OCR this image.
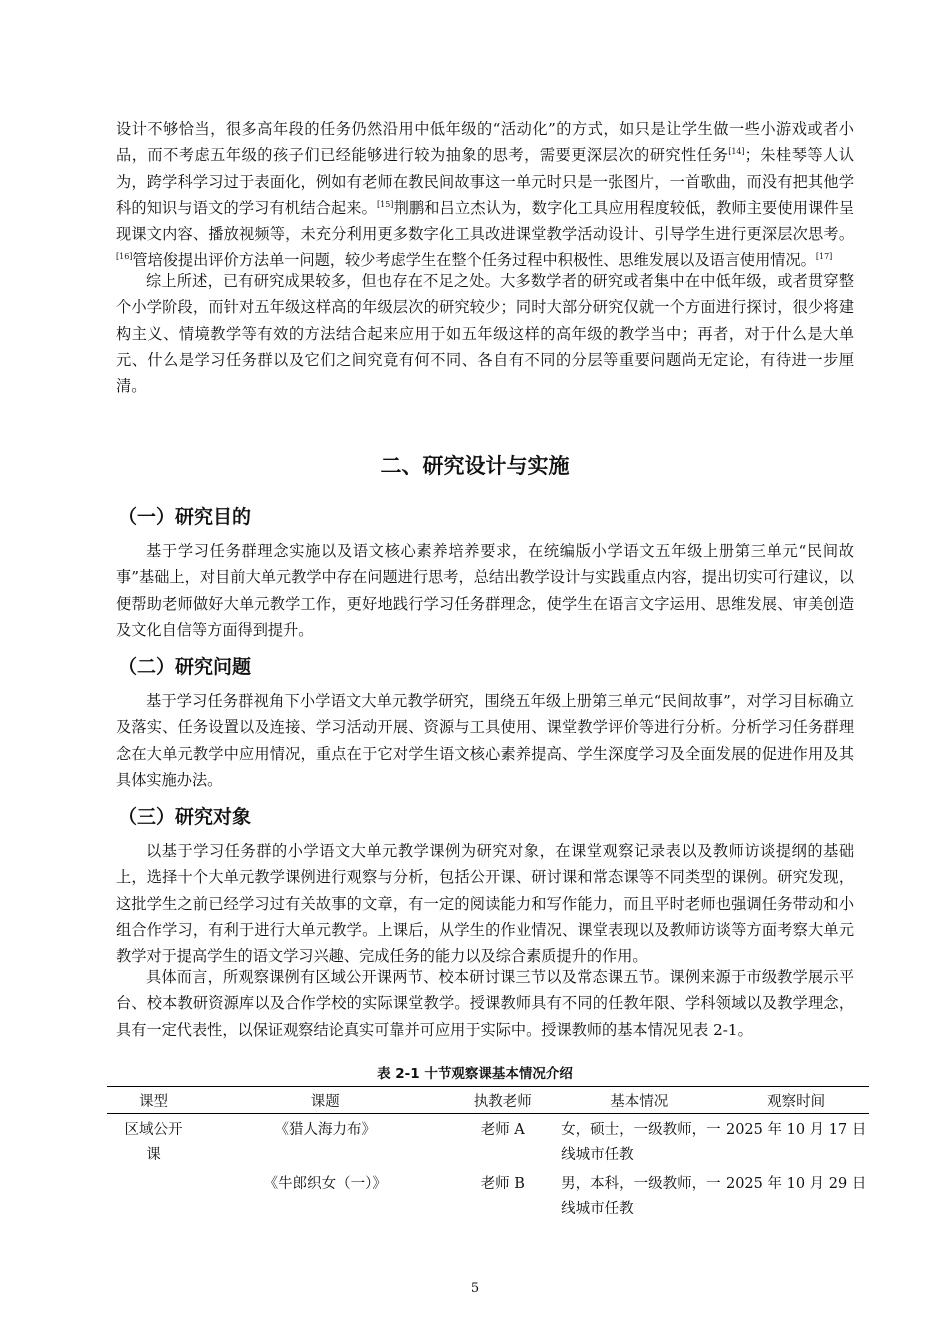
设计不够恰当，很多高年段的任务仍然沿用中低年级的“活动化”的方式，如只是让学生做一些小游戏或者小品，而不考虑五年级的孩子们已经能够进行较为抽象的思考，需要更深层次的研究性任务[14]；朱桂琴等人认为，跨学科学习过于表面化，例如有老师在教民间故事这一单元时只是一张图片，一首歌曲，而没有把其他学科的知识与语文的学习有机结合起来。[15]荆鹏和吕立杰认为，数字化工具应用程度较低，教师主要使用课件呈现课文内容、播放视频等，未充分利用更多数字化工具改进课堂教学活动设计、引导学生进行更深层次思考。[16]管培俊提出评价方法单一问题，较少考虑学生在整个任务过程中积极性、思维发展以及语言使用情况。[17]

综上所述，已有研究成果较多，但也存在不足之处。大多数学者的研究或者集中在中低年级，或者贯穿整个小学阶段，而针对五年级这样高的年级层次的研究较少；同时大部分研究仅就一个方面进行探讨，很少将建构主义、情境教学等有效的方法结合起来应用于如五年级这样的高年级的教学当中；再者，对于什么是大单元、什么是学习任务群以及它们之间究竟有何不同、各自有不同的分层等重要问题尚无定论，有待进一步厘清。

二、研究设计与实施
（一）研究目的

基于学习任务群理念实施以及语文核心素养培养要求，在统编版小学语文五年级上册第三单元“民间故事”基础上，对目前大单元教学中存在问题进行思考，总结出教学设计与实践重点内容，提出切实可行建议，以便帮助老师做好大单元教学工作，更好地践行学习任务群理念，使学生在语言文字运用、思维发展、审美创造及文化自信等方面得到提升。

（二）研究问题

基于学习任务群视角下小学语文大单元教学研究，围绕五年级上册第三单元“民间故事”，对学习目标确立及落实、任务设置以及连接、学习活动开展、资源与工具使用、课堂教学评价等进行分析。分析学习任务群理念在大单元教学中应用情况，重点在于它对学生语文核心素养提高、学生深度学习及全面发展的促进作用及其具体实施办法。

（三）研究对象

以基于学习任务群的小学语文大单元教学课例为研究对象，在课堂观察记录表以及教师访谈提纲的基础上，选择十个大单元教学课例进行观察与分析，包括公开课、研讨课和常态课等不同类型的课例。研究发现，这批学生之前已经学习过有关故事的文章，有一定的阅读能力和写作能力，而且平时老师也强调任务带动和小组合作学习，有利于进行大单元教学。上课后，从学生的作业情况、课堂表现以及教师访谈等方面考察大单元教学对于提高学生的语文学习兴趣、完成任务的能力以及综合素质提升的作用。

具体而言，所观察课例有区域公开课两节、校本研讨课三节以及常态课五节。课例来源于市级教学展示平台、校本教研资源库以及合作学校的实际课堂教学。授课教师具有不同的任教年限、学科领域以及教学理念，具有一定代表性，以保证观察结论真实可靠并可应用于实际中。授课教师的基本情况见表 2-1。

表 2-1 十节观察课基本情况介绍
课型	课题	执教老师	基本情况	观察时间
区域公开课	《猎人海力布》	老师 A	女，硕士，一级教师，一线城市任教	2025 年 10 月 17 日
	《牛郎织女（一）》	老师 B	男，本科，一级教师，一线城市任教	2025 年 10 月 29 日
5
